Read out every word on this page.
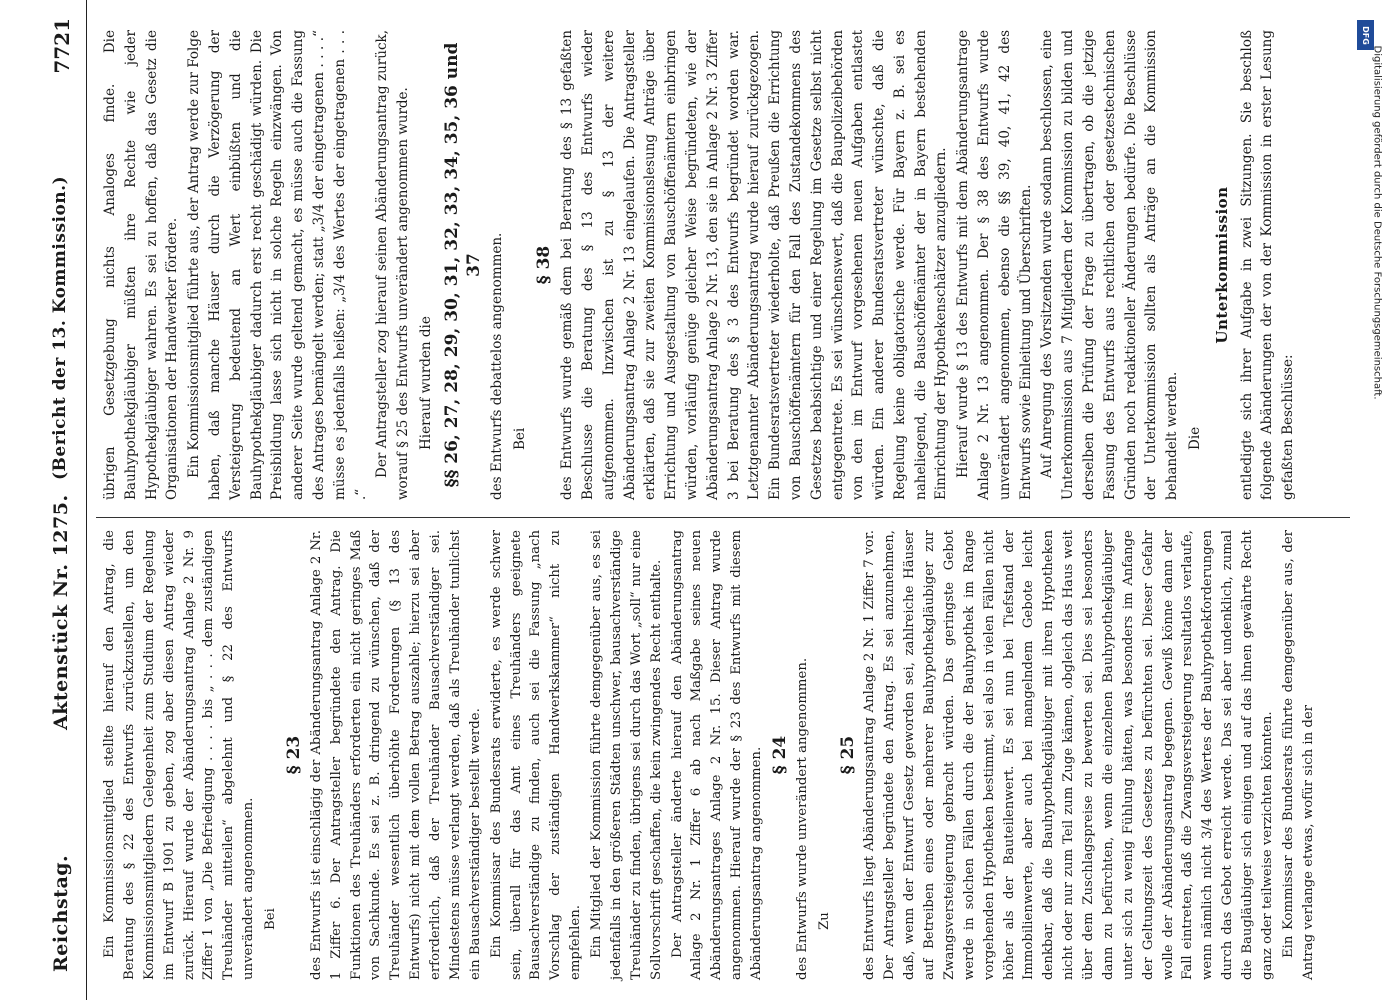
DFG
Digitalisierung gefördert durch die Deutsche Forschungsgemeinschaft.
Reichstag.
Aktenstück Nr. 1275.
(Bericht der 13. Kommission.)
7721

Ein Kommissionsmitglied stellte hierauf den Antrag, die Beratung des § 22 des Entwurfs zurückzustellen, um den Kommissionsmitgliedern Gelegenheit zum Studium der Regelung im Entwurf B 1901 zu geben, zog aber diesen Antrag wieder zurück. Hierauf wurde der Abänderungsantrag Anlage 2 Nr. 9 Ziffer 1 von „Die Befriedigung . . . . bis „ . . . dem zuständigen Treuhänder mitteilen“ abgelehnt und § 22 des Entwurfs unverändert angenommen. Bei

§ 23 des Entwurfs ist einschlägig der Abänderungsantrag Anlage 2 Nr. 1 Ziffer 6. Der Antragsteller begründete den Antrag. Die Funktionen des Treuhänders erforderten ein nicht geringes Maß von Sachkunde. Es sei z. B. dringend zu wünschen, daß der Treuhänder wesentlich überhöhte Forderungen (§ 13 des Entwurfs) nicht mit dem vollen Betrag auszahle; hierzu sei aber erforderlich, daß der Treuhänder Bausachverständiger sei. Mindestens müsse verlangt werden, daß als Treuhänder tunlichst ein Bausachverständiger bestellt werde. Ein Kommissar des Bundesrats erwiderte, es werde schwer sein, überall für das Amt eines Treuhänders geeignete Bausachverständige zu finden, auch sei die Fassung „nach Vorschlag der zuständigen Handwerkskammer“ nicht zu empfehlen. Ein Mitglied der Kommission führte demgegenüber aus, es sei jedenfalls in den größeren Städten unschwer, bausachverständige Treuhänder zu finden, übrigens sei durch das Wort „soll“ nur eine Sollvorschrift geschaffen, die kein zwingendes Recht enthalte. Der Antragsteller änderte hierauf den Abänderungsantrag Anlage 2 Nr. 1 Ziffer 6 ab nach Maßgabe seines neuen Abänderungsantrages Anlage 2 Nr. 15. Dieser Antrag wurde angenommen. Hierauf wurde der § 23 des Entwurfs mit diesem Abänderungsantrag angenommen. § 24 des Entwurfs wurde unverändert angenommen. Zu

§ 25 des Entwurfs liegt Abänderungsantrag Anlage 2 Nr. 1 Ziffer 7 vor. Der Antragsteller begründete den Antrag. Es sei anzunehmen, daß, wenn der Entwurf Gesetz geworden sei, zahlreiche Häuser auf Betreiben eines oder mehrerer Bauhypothekgläubiger zur Zwangsversteigerung gebracht würden. Das geringste Gebot werde in solchen Fällen durch die der Bauhypothek im Range vorgehenden Hypotheken bestimmt, sei also in vielen Fällen nicht höher als der Bauteilenwert. Es sei nun bei Tiefstand der Immobilienwerte, aber auch bei mangelndem Gebote leicht denkbar, daß die Bauhypothekgläubiger mit ihren Hypotheken nicht oder nur zum Teil zum Zuge kämen, obgleich das Haus weit über dem Zuschlagspreise zu bewerten sei. Dies sei besonders dann zu befürchten, wenn die einzelnen Bauhypothekgläubiger unter sich zu wenig Fühlung hätten, was besonders im Anfange der Geltungszeit des Gesetzes zu befürchten sei. Dieser Gefahr wolle der Abänderungsantrag begegnen. Gewiß könne dann der Fall eintreten, daß die Zwangsversteigerung resultatlos verlaufe, wenn nämlich nicht 3/4 des Wertes der Bauhypothekforderungen durch das Gebot erreicht werde. Das sei aber undenklich, zumal die Baugläubiger sich einigen und auf das ihnen gewährte Recht ganz oder teilweise verzichten könnten. Ein Kommissar des Bundesrats führte demgegenüber aus, der Antrag verlange etwas, wofür sich in der

übrigen Gesetzgebung nichts Analoges finde. Die Bauhypothekgläubiger müßten ihre Rechte wie jeder Hypothekgläubiger wahren. Es sei zu hoffen, daß das Gesetz die Organisationen der Handwerker fördere. Ein Kommissionsmitglied führte aus, der Antrag werde zur Folge haben, daß manche Häuser durch die Verzögerung der Versteigerung bedeutend an Wert einbüßten und die Bauhypothekgläubiger dadurch erst recht geschädigt würden. Die Preisbildung lasse sich nicht in solche Regeln einzwängen. Von anderer Seite wurde geltend gemacht, es müsse auch die Fassung des Antrages bemängelt werden; statt „3/4 der eingetragenen . . . .“ müsse es jedenfalls heißen: „3/4 des Wertes der eingetragenen . . . .“

Der Antragsteller zog hierauf seinen Abänderungsantrag zurück, worauf § 25 des Entwurfs unverändert angenommen wurde. Hierauf wurden die §§ 26, 27, 28, 29, 30, 31, 32, 33, 34, 35, 36 und 37 des Entwurfs debattelos angenommen. Bei

§ 38 des Entwurfs wurde gemäß dem bei Beratung des § 13 gefaßten Beschlusse die Beratung des § 13 des Entwurfs wieder aufgenommen. Inzwischen ist zu § 13 der weitere Abänderungsantrag Anlage 2 Nr. 13 eingelaufen. Die Antragsteller erklärten, daß sie zur zweiten Kommissionslesung Anträge über Errichtung und Ausgestaltung von Bauschöffenämtern einbringen würden, vorläufig genüge gleicher Weise begründeten, wie der Abänderungsantrag Anlage 2 Nr. 13, den sie in Anlage 2 Nr. 3 Ziffer 3 bei Beratung des § 3 des Entwurfs begründet worden war. Letztgenannter Abänderungsantrag wurde hierauf zurückgezogen. Ein Bundesratsvertreter wiederholte, daß Preußen die Errichtung von Bauschöffenämtern für den Fall des Zustandekommens des Gesetzes beabsichtige und einer Regelung im Gesetze selbst nicht entgegentrete. Es sei wünschenswert, daß die Baupolizeibehörden von den im Entwurf vorgesehenen neuen Aufgaben entlastet würden. Ein anderer Bundesratsvertreter wünschte, daß die Regelung keine obligatorische werde. Für Bayern z. B. sei es naheliegend, die Bauschöffenämter der in Bayern bestehenden Einrichtung der Hypothekenschätzer anzugliedern. Hierauf wurde § 13 des Entwurfs mit dem Abänderungsantrage Anlage 2 Nr. 13 angenommen. Der § 38 des Entwurfs wurde unverändert angenommen, ebenso die §§ 39, 40, 41, 42 des Entwurfs sowie Einleitung und Überschriften. Auf Anregung des Vorsitzenden wurde sodann beschlossen, eine Unterkommission aus 7 Mitgliedern der Kommission zu bilden und derselben die Prüfung der Frage zu übertragen, ob die jetzige Fassung des Entwurfs aus rechtlichen oder gesetzestechnischen Gründen noch redaktioneller Änderungen bedürfe. Die Beschlüsse der Unterkommission sollten als Anträge an die Kommission behandelt werden. Die

Unterkommission entledigte sich ihrer Aufgabe in zwei Sitzungen. Sie beschloß folgende Abänderungen der von der Kommission in erster Lesung gefaßten Beschlüsse:
